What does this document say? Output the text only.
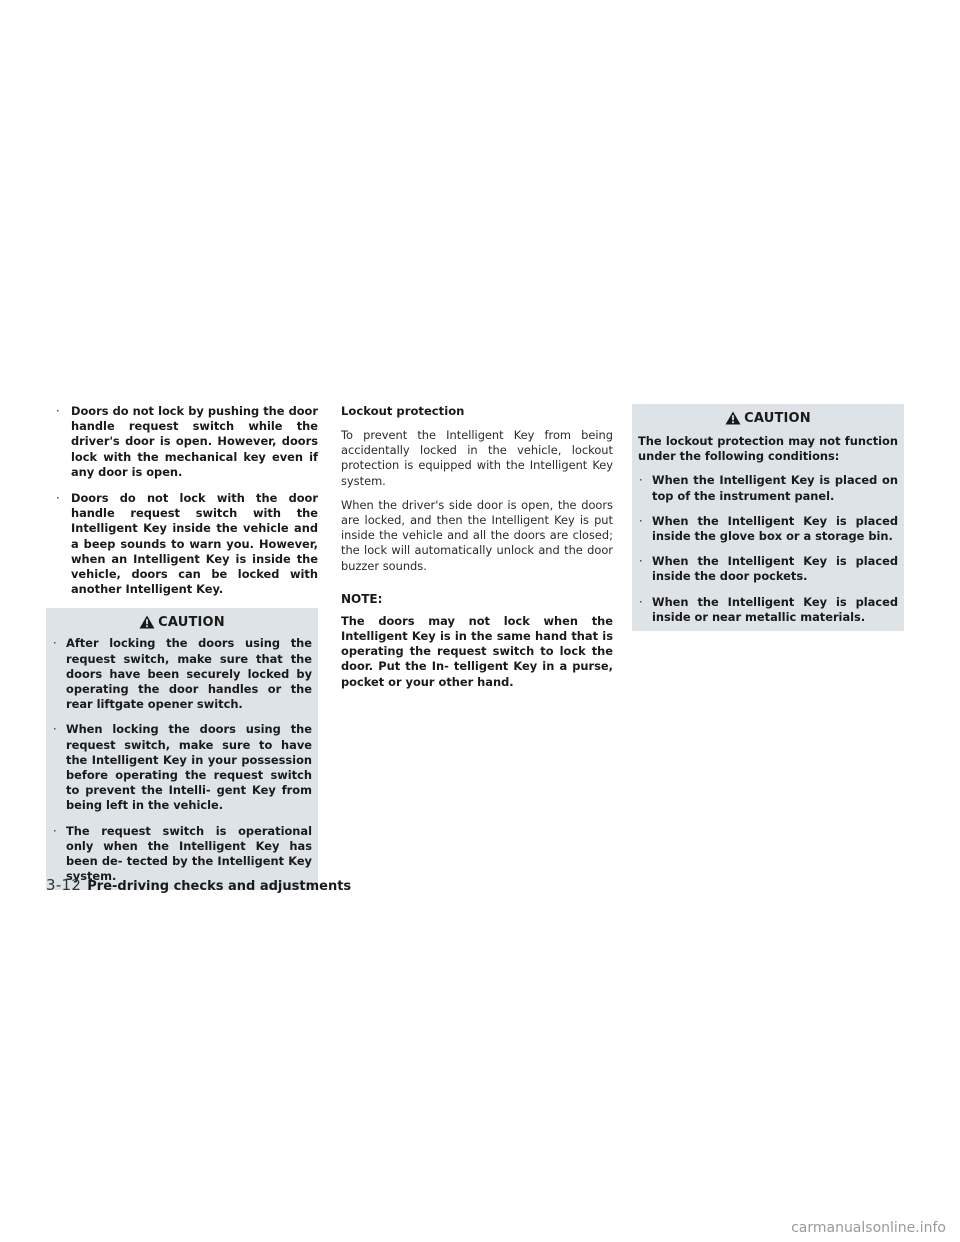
· Doors do not lock by pushing the door handle request switch while the driver's door is open. However, doors lock with the mechanical key even if any door is open.
· Doors do not lock with the door handle request switch with the Intelligent Key inside the vehicle and a beep sounds to warn you. However, when an Intelligent Key is inside the vehicle, doors can be locked with another Intelligent Key.
CAUTION
· After locking the doors using the request switch, make sure that the doors have been securely locked by operating the door handles or the rear liftgate opener switch.
· When locking the doors using the request switch, make sure to have the Intelligent Key in your possession before operating the request switch to prevent the Intelli- gent Key from being left in the vehicle.
· The request switch is operational only when the Intelligent Key has been de- tected by the Intelligent Key system.
Lockout protection

To prevent the Intelligent Key from being accidentally locked in the vehicle, lockout protection is equipped with the Intelligent Key system.

When the driver's side door is open, the doors are locked, and then the Intelligent Key is put inside the vehicle and all the doors are closed; the lock will automatically unlock and the door buzzer sounds.

NOTE:

The doors may not lock when the Intelligent Key is in the same hand that is operating the request switch to lock the door. Put the In- telligent Key in a purse, pocket or your other hand.

CAUTION

The lockout protection may not function under the following conditions:

· When the Intelligent Key is placed on top of the instrument panel.
· When the Intelligent Key is placed inside the glove box or a storage bin.
· When the Intelligent Key is placed inside the door pockets.
· When the Intelligent Key is placed inside or near metallic materials.
3-12 Pre-driving checks and adjustments
carmanualsonline.info
